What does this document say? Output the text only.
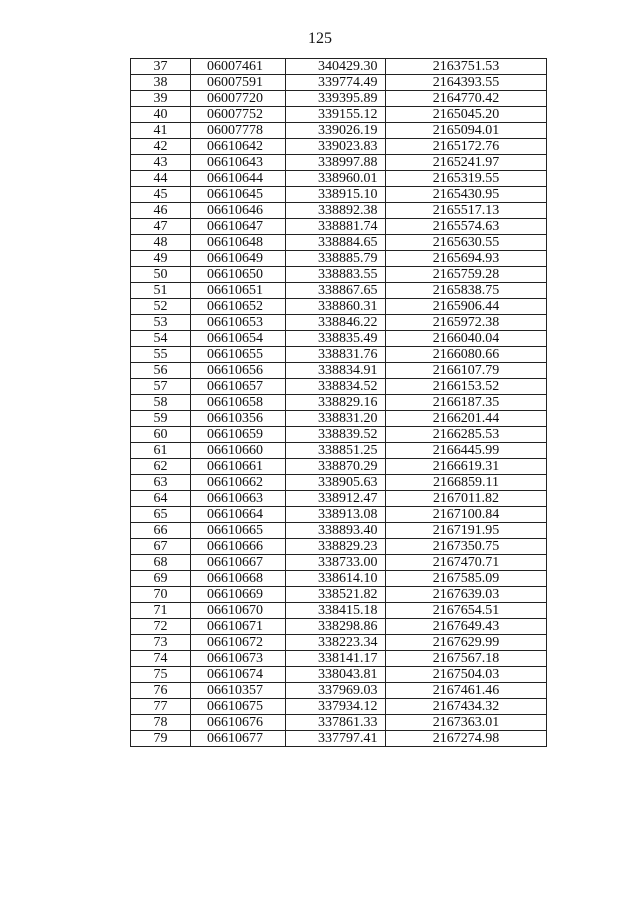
125
37	06007461	340429.30	2163751.53
38	06007591	339774.49	2164393.55
39	06007720	339395.89	2164770.42
40	06007752	339155.12	2165045.20
41	06007778	339026.19	2165094.01
42	06610642	339023.83	2165172.76
43	06610643	338997.88	2165241.97
44	06610644	338960.01	2165319.55
45	06610645	338915.10	2165430.95
46	06610646	338892.38	2165517.13
47	06610647	338881.74	2165574.63
48	06610648	338884.65	2165630.55
49	06610649	338885.79	2165694.93
50	06610650	338883.55	2165759.28
51	06610651	338867.65	2165838.75
52	06610652	338860.31	2165906.44
53	06610653	338846.22	2165972.38
54	06610654	338835.49	2166040.04
55	06610655	338831.76	2166080.66
56	06610656	338834.91	2166107.79
57	06610657	338834.52	2166153.52
58	06610658	338829.16	2166187.35
59	06610356	338831.20	2166201.44
60	06610659	338839.52	2166285.53
61	06610660	338851.25	2166445.99
62	06610661	338870.29	2166619.31
63	06610662	338905.63	2166859.11
64	06610663	338912.47	2167011.82
65	06610664	338913.08	2167100.84
66	06610665	338893.40	2167191.95
67	06610666	338829.23	2167350.75
68	06610667	338733.00	2167470.71
69	06610668	338614.10	2167585.09
70	06610669	338521.82	2167639.03
71	06610670	338415.18	2167654.51
72	06610671	338298.86	2167649.43
73	06610672	338223.34	2167629.99
74	06610673	338141.17	2167567.18
75	06610674	338043.81	2167504.03
76	06610357	337969.03	2167461.46
77	06610675	337934.12	2167434.32
78	06610676	337861.33	2167363.01
79	06610677	337797.41	2167274.98
